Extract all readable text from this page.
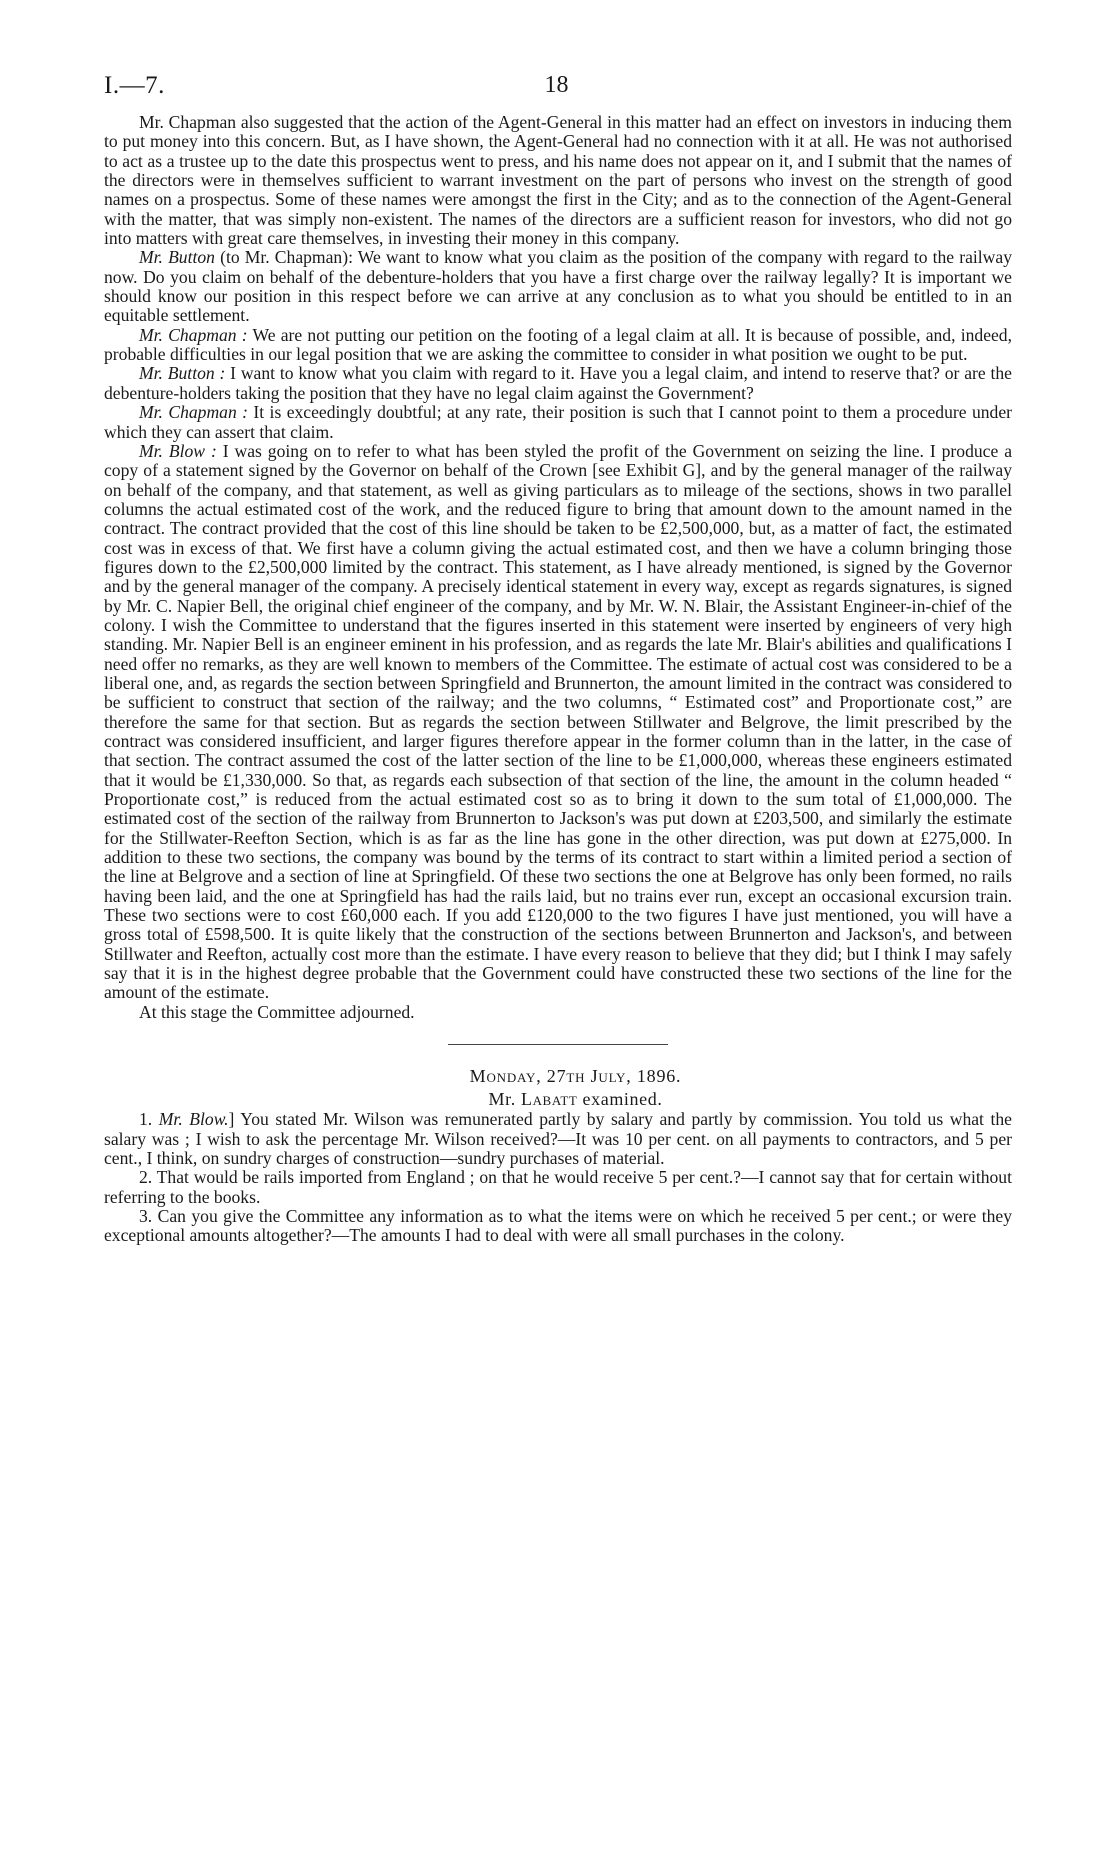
I.—7.	18

Mr. Chapman also suggested that the action of the Agent-General in this matter had an effect on investors in inducing them to put money into this concern. But, as I have shown, the Agent-General had no connection with it at all. He was not authorised to act as a trustee up to the date this prospectus went to press, and his name does not appear on it, and I submit that the names of the directors were in themselves sufficient to warrant investment on the part of persons who invest on the strength of good names on a prospectus. Some of these names were amongst the first in the City; and as to the connection of the Agent-General with the matter, that was simply non-existent. The names of the directors are a sufficient reason for investors, who did not go into matters with great care themselves, in investing their money in this company.

Mr. Button (to Mr. Chapman): We want to know what you claim as the position of the company with regard to the railway now. Do you claim on behalf of the debenture-holders that you have a first charge over the railway legally? It is important we should know our position in this respect before we can arrive at any conclusion as to what you should be entitled to in an equitable settlement.

Mr. Chapman : We are not putting our petition on the footing of a legal claim at all. It is because of possible, and, indeed, probable difficulties in our legal position that we are asking the committee to consider in what position we ought to be put.

Mr. Button : I want to know what you claim with regard to it. Have you a legal claim, and intend to reserve that? or are the debenture-holders taking the position that they have no legal claim against the Government?

Mr. Chapman : It is exceedingly doubtful; at any rate, their position is such that I cannot point to them a procedure under which they can assert that claim.

Mr. Blow : I was going on to refer to what has been styled the profit of the Government on seizing the line. I produce a copy of a statement signed by the Governor on behalf of the Crown [see Exhibit G], and by the general manager of the railway on behalf of the company, and that statement, as well as giving particulars as to mileage of the sections, shows in two parallel columns the actual estimated cost of the work, and the reduced figure to bring that amount down to the amount named in the contract. The contract provided that the cost of this line should be taken to be £2,500,000, but, as a matter of fact, the estimated cost was in excess of that. We first have a column giving the actual estimated cost, and then we have a column bringing those figures down to the £2,500,000 limited by the contract. This statement, as I have already mentioned, is signed by the Governor and by the general manager of the company. A precisely identical statement in every way, except as regards signatures, is signed by Mr. C. Napier Bell, the original chief engineer of the company, and by Mr. W. N. Blair, the Assistant Engineer-in-chief of the colony. I wish the Committee to understand that the figures inserted in this statement were inserted by engineers of very high standing. Mr. Napier Bell is an engineer eminent in his profession, and as regards the late Mr. Blair's abilities and qualifications I need offer no remarks, as they are well known to members of the Committee. The estimate of actual cost was considered to be a liberal one, and, as regards the section between Springfield and Brunnerton, the amount limited in the contract was considered to be sufficient to construct that section of the railway; and the two columns, “ Estimated cost” and Proportionate cost,” are therefore the same for that section. But as regards the section between Stillwater and Belgrove, the limit prescribed by the contract was considered insufficient, and larger figures therefore appear in the former column than in the latter, in the case of that section. The contract assumed the cost of the latter section of the line to be £1,000,000, whereas these engineers estimated that it would be £1,330,000. So that, as regards each subsection of that section of the line, the amount in the column headed “ Proportionate cost,” is reduced from the actual estimated cost so as to bring it down to the sum total of £1,000,000. The estimated cost of the section of the railway from Brunnerton to Jackson's was put down at £203,500, and similarly the estimate for the Stillwater-Reefton Section, which is as far as the line has gone in the other direction, was put down at £275,000. In addition to these two sections, the company was bound by the terms of its contract to start within a limited period a section of the line at Belgrove and a section of line at Springfield. Of these two sections the one at Belgrove has only been formed, no rails having been laid, and the one at Springfield has had the rails laid, but no trains ever run, except an occasional excursion train. These two sections were to cost £60,000 each. If you add £120,000 to the two figures I have just mentioned, you will have a gross total of £598,500. It is quite likely that the construction of the sections between Brunnerton and Jackson's, and between Stillwater and Reefton, actually cost more than the estimate. I have every reason to believe that they did; but I think I may safely say that it is in the highest degree probable that the Government could have constructed these two sections of the line for the amount of the estimate.

At this stage the Committee adjourned.

Monday, 27th July, 1896.

Mr. Labatt examined.

1. Mr. Blow.] You stated Mr. Wilson was remunerated partly by salary and partly by commission. You told us what the salary was ; I wish to ask the percentage Mr. Wilson received?—It was 10 per cent. on all payments to contractors, and 5 per cent., I think, on sundry charges of construction—sundry purchases of material.

2. That would be rails imported from England ; on that he would receive 5 per cent.?—I cannot say that for certain without referring to the books.

3. Can you give the Committee any information as to what the items were on which he received 5 per cent.; or were they exceptional amounts altogether?—The amounts I had to deal with were all small purchases in the colony.
